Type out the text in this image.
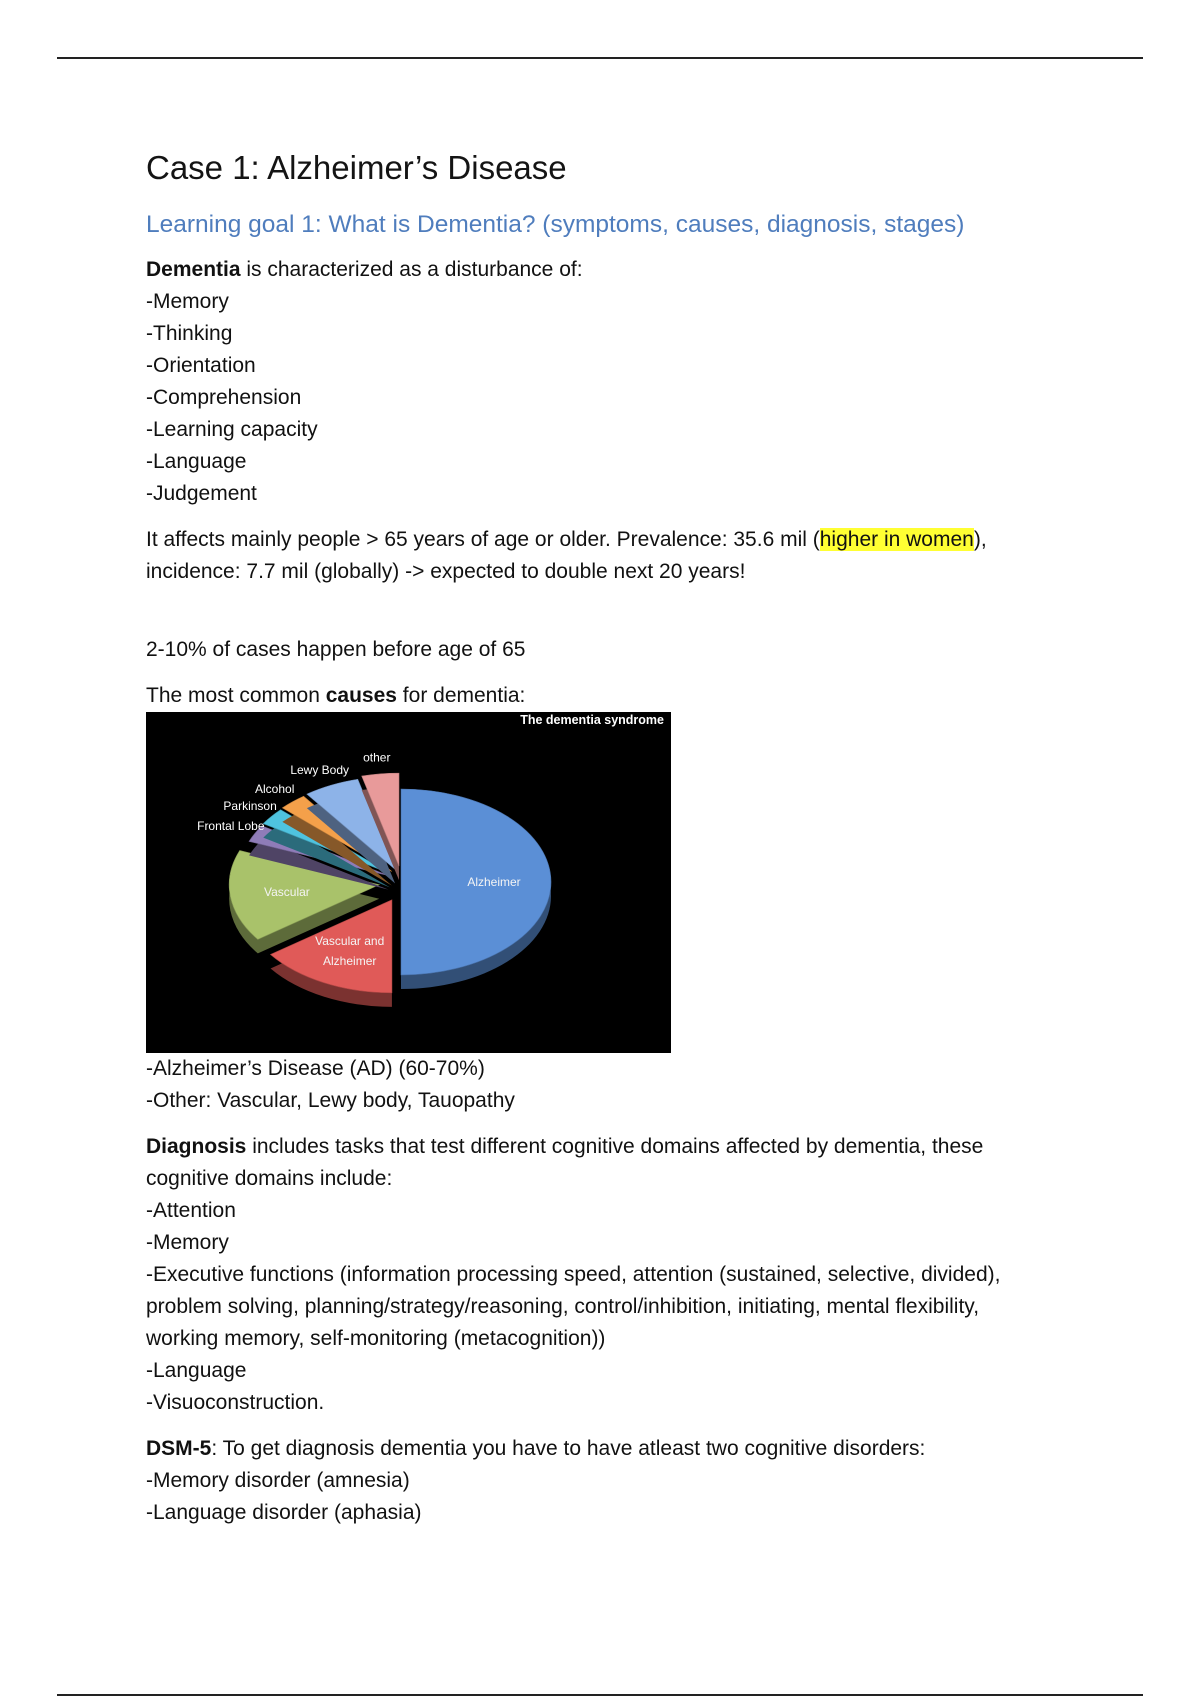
Case 1: Alzheimer’s Disease
Learning goal 1: What is Dementia? (symptoms, causes, diagnosis, stages)

Dementia is characterized as a disturbance of:

-Memory
-Thinking
-Orientation
-Comprehension
-Learning capacity
-Language
-Judgement
It affects mainly people > 65 years of age or older. Prevalence: 35.6 mil (higher in women),
incidence: 7.7 mil (globally) -> expected to double next 20 years!

2-10% of cases happen before age of 65

The most common causes for dementia:

The dementia syndrome
Alzheimer
Vascular and Alzheimer
Vascular
Frontal Lobe
Parkinson
Alcohol
Lewy Body
other
-Alzheimer’s Disease (AD) (60-70%)
-Other: Vascular, Lewy body, Tauopathy
Diagnosis includes tasks that test different cognitive domains affected by dementia, these
cognitive domains include:
-Attention
-Memory
-Executive functions (information processing speed, attention (sustained, selective, divided),
problem solving, planning/strategy/reasoning, control/inhibition, initiating, mental flexibility,
working memory, self-monitoring (metacognition))
-Language
-Visuoconstruction.
DSM-5: To get diagnosis dementia you have to have atleast two cognitive disorders:
-Memory disorder (amnesia)
-Language disorder (aphasia)
